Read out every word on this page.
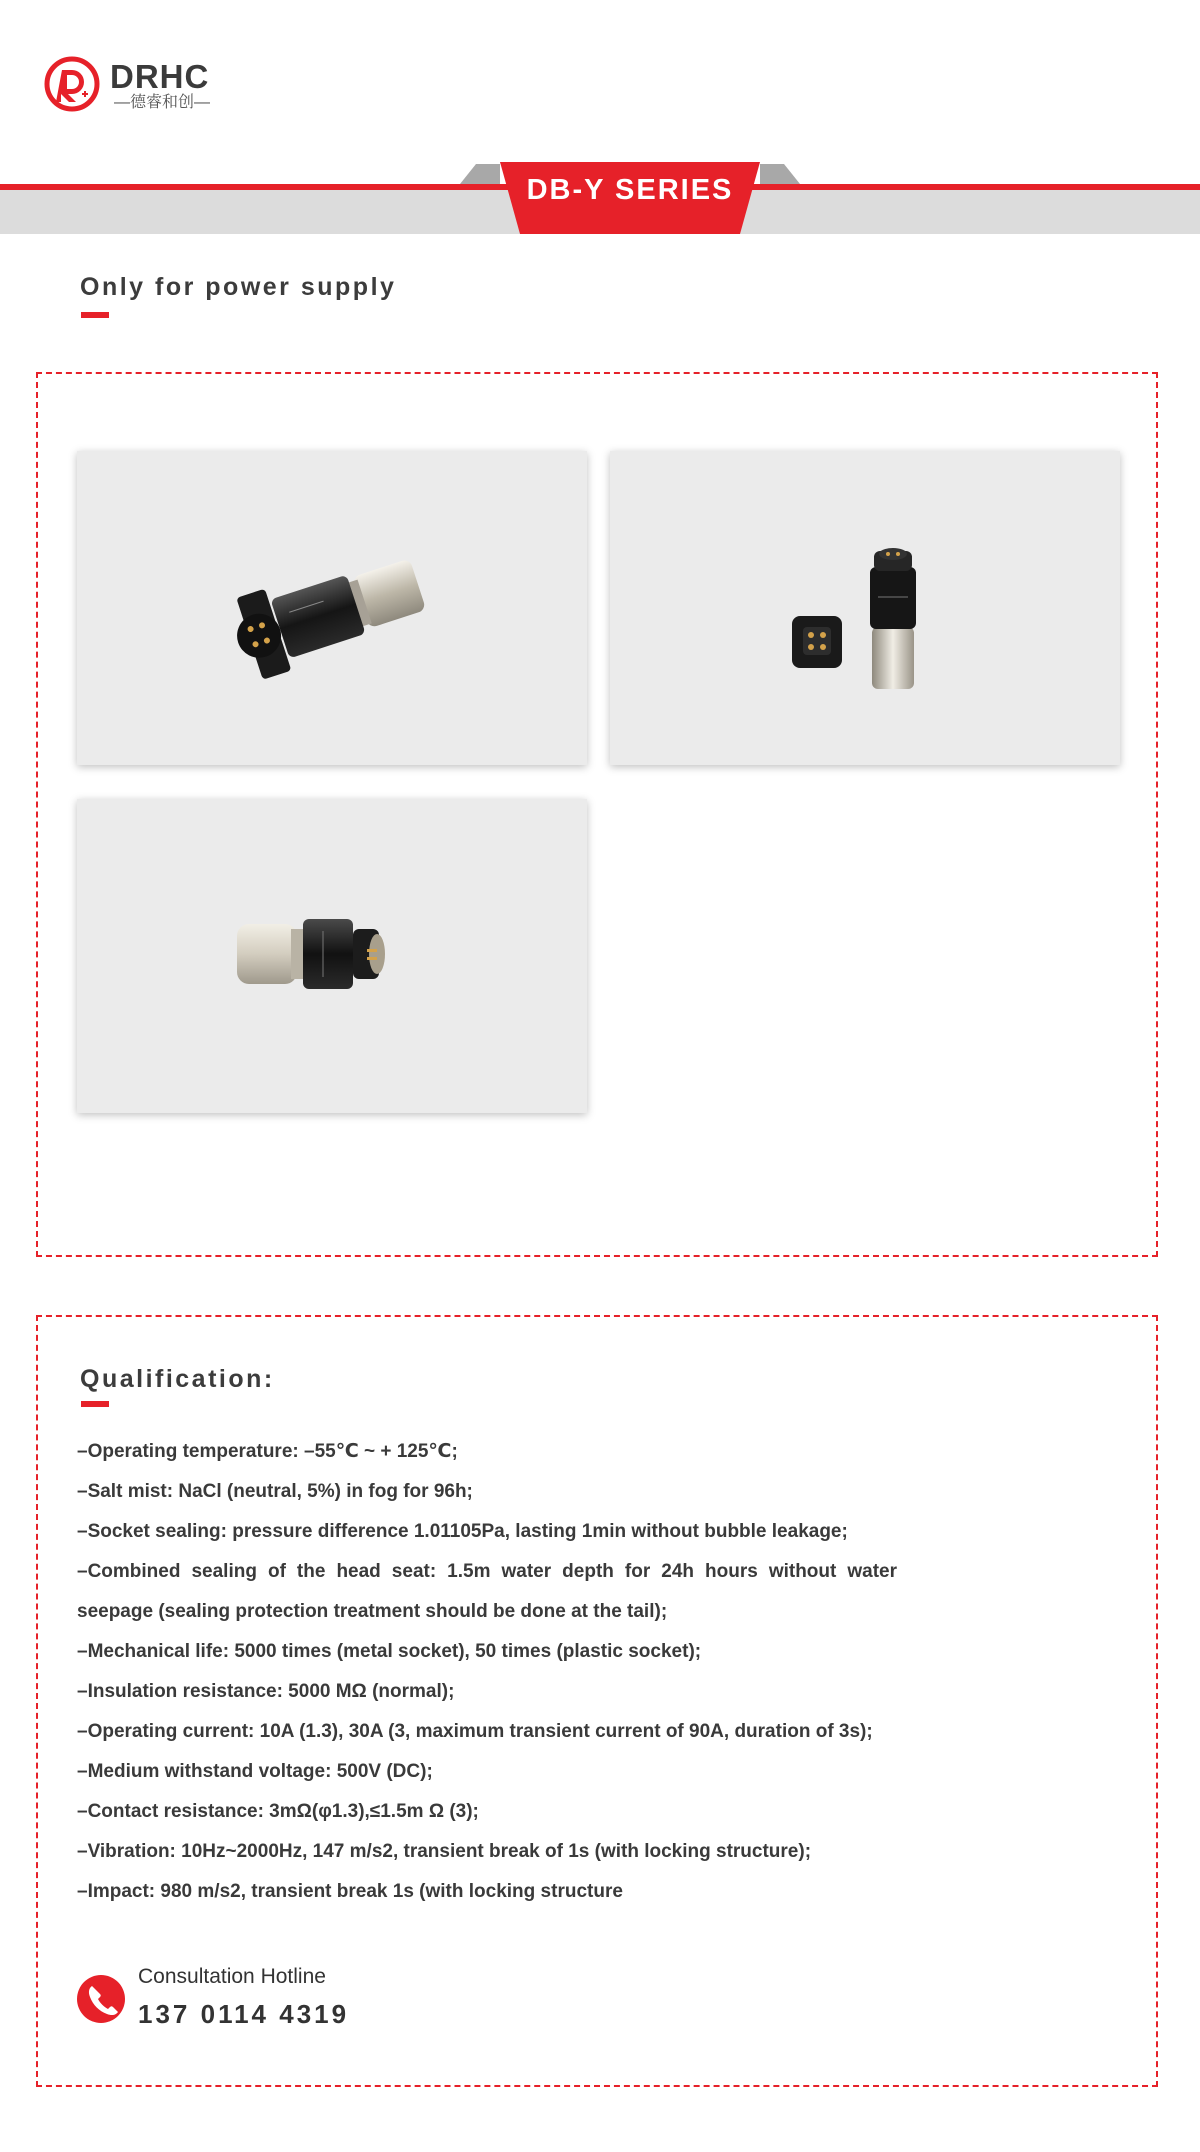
DRHC
—德睿和创—
DB-Y SERIES
Only for power supply
Qualification:
–Operating temperature: –55℃ ~ + 125℃;
–Salt mist: NaCl (neutral, 5%) in fog for 96h;
–Socket sealing: pressure difference 1.01105Pa, lasting 1min without bubble leakage;
–Combined sealing of the head seat: 1.5m water depth for 24h hours without water seepage (sealing protection treatment should be done at the tail);
–Mechanical life: 5000 times (metal socket), 50 times (plastic socket);
–Insulation resistance: 5000 MΩ (normal);
–Operating current: 10A (1.3), 30A (3, maximum transient current of 90A, duration of 3s);
–Medium withstand voltage: 500V (DC);
–Contact resistance: 3mΩ(φ1.3),≤1.5m Ω (3);
–Vibration: 10Hz~2000Hz, 147 m/s2, transient break of 1s (with locking structure);
–Impact: 980 m/s2, transient break 1s (with locking structure
Consultation Hotline
137 0114 4319
